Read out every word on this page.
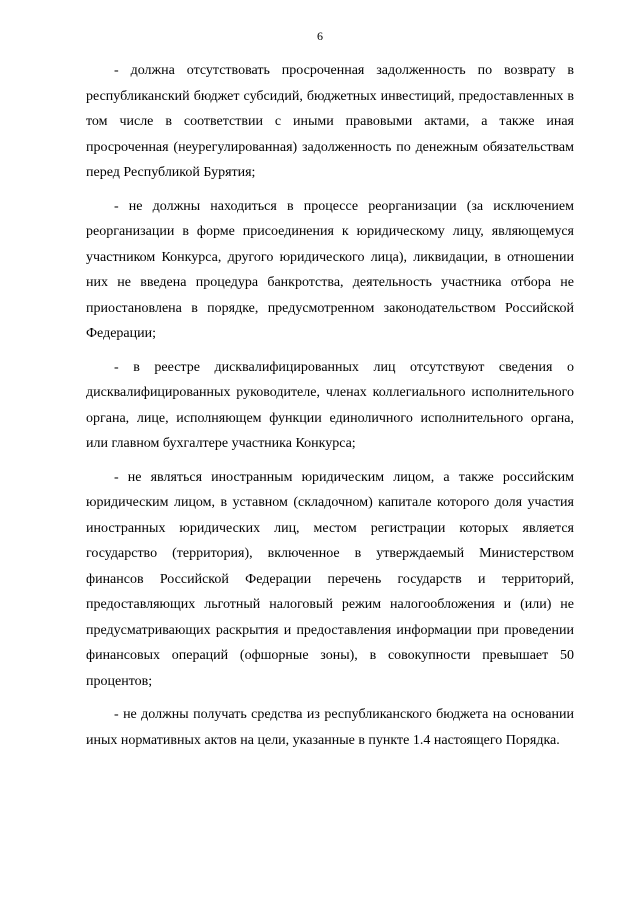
6

- должна отсутствовать просроченная задолженность по возврату в республиканский бюджет субсидий, бюджетных инвестиций, предоставленных в том числе в соответствии с иными правовыми актами, а также иная просроченная (неурегулированная) задолженность по денежным обязательствам перед Республикой Бурятия;

- не должны находиться в процессе реорганизации (за исключением реорганизации в форме присоединения к юридическому лицу, являющемуся участником Конкурса, другого юридического лица), ликвидации, в отношении них не введена процедура банкротства, деятельность участника отбора не приостановлена в порядке, предусмотренном законодательством Российской Федерации;

- в реестре дисквалифицированных лиц отсутствуют сведения о дисквалифицированных руководителе, членах коллегиального исполнительного органа, лице, исполняющем функции единоличного исполнительного органа, или главном бухгалтере участника Конкурса;

- не являться иностранным юридическим лицом, а также российским юридическим лицом, в уставном (складочном) капитале которого доля участия иностранных юридических лиц, местом регистрации которых является государство (территория), включенное в утверждаемый Министерством финансов Российской Федерации перечень государств и территорий, предоставляющих льготный налоговый режим налогообложения и (или) не предусматривающих раскрытия и предоставления информации при проведении финансовых операций (офшорные зоны), в совокупности превышает 50 процентов;

- не должны получать средства из республиканского бюджета на основании иных нормативных актов на цели, указанные в пункте 1.4 настоящего Порядка.
